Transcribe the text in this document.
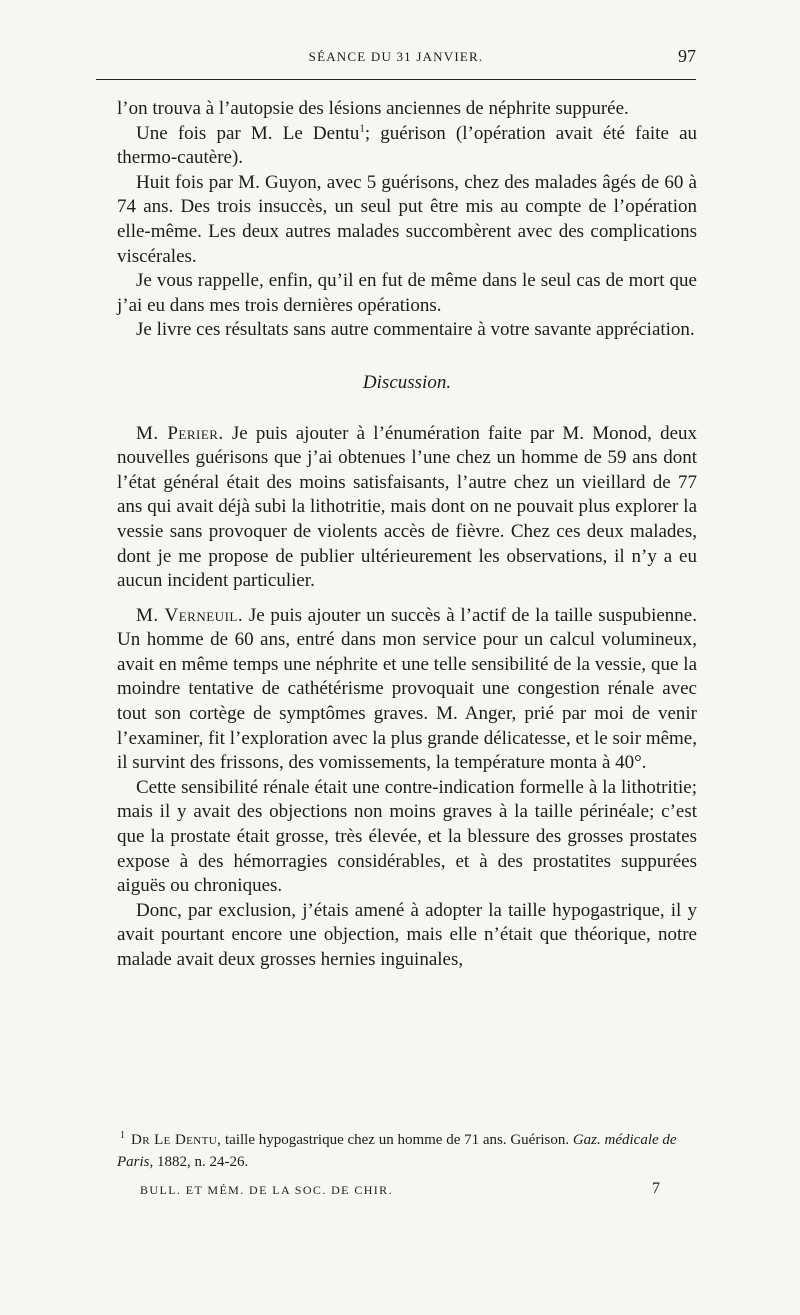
SÉANCE DU 31 JANVIER.	97

l’on trouva à l’autopsie des lésions anciennes de néphrite suppurée.

 Une fois par M. Le Dentu$^1$; guérison (l’opération avait été faite au thermo-cautère).

 Huit fois par M. Guyon, avec 5 guérisons, chez des malades âgés de 60 à 74 ans. Des trois insuccès, un seul put être mis au compte de l’opération elle-même. Les deux autres malades succombèrent avec des complications viscérales.

 Je vous rappelle, enfin, qu’il en fut de même dans le seul cas de mort que j’ai eu dans mes trois dernières opérations.

 Je livre ces résultats sans autre commentaire à votre savante appréciation.

Discussion.

 M. Perier. Je puis ajouter à l’énumération faite par M. Monod, deux nouvelles guérisons que j’ai obtenues l’une chez un homme de 59 ans dont l’état général était des moins satisfaisants, l’autre chez un vieillard de 77 ans qui avait déjà subi la lithotritie, mais dont on ne pouvait plus explorer la vessie sans provoquer de violents accès de fièvre. Chez ces deux malades, dont je me propose de publier ultérieurement les observations, il n’y a eu aucun incident particulier.

 M. Verneuil. Je puis ajouter un succès à l’actif de la taille suspubienne. Un homme de 60 ans, entré dans mon service pour un calcul volumineux, avait en même temps une néphrite et une telle sensibilité de la vessie, que la moindre tentative de cathétérisme provoquait une congestion rénale avec tout son cortège de symptômes graves. M. Anger, prié par moi de venir l’examiner, fit l’exploration avec la plus grande délicatesse, et le soir même, il survint des frissons, des vomissements, la température monta à 40°.

 Cette sensibilité rénale était une contre-indication formelle à la lithotritie; mais il y avait des objections non moins graves à la taille périnéale; c’est que la prostate était grosse, très élevée, et la blessure des grosses prostates expose à des hémorragies considérables, et à des prostatites suppurées aiguës ou chroniques.

 Donc, par exclusion, j’étais amené à adopter la taille hypogastrique, il y avait pourtant encore une objection, mais elle n’était que théorique, notre malade avait deux grosses hernies inguinales,

 $^1$ Dr Le Dentu, taille hypogastrique chez un homme de 71 ans. Guérison. Gaz. médicale de Paris, 1882, n. 24-26.

BULL. ET MÉM. DE LA SOC. DE CHIR.	7
